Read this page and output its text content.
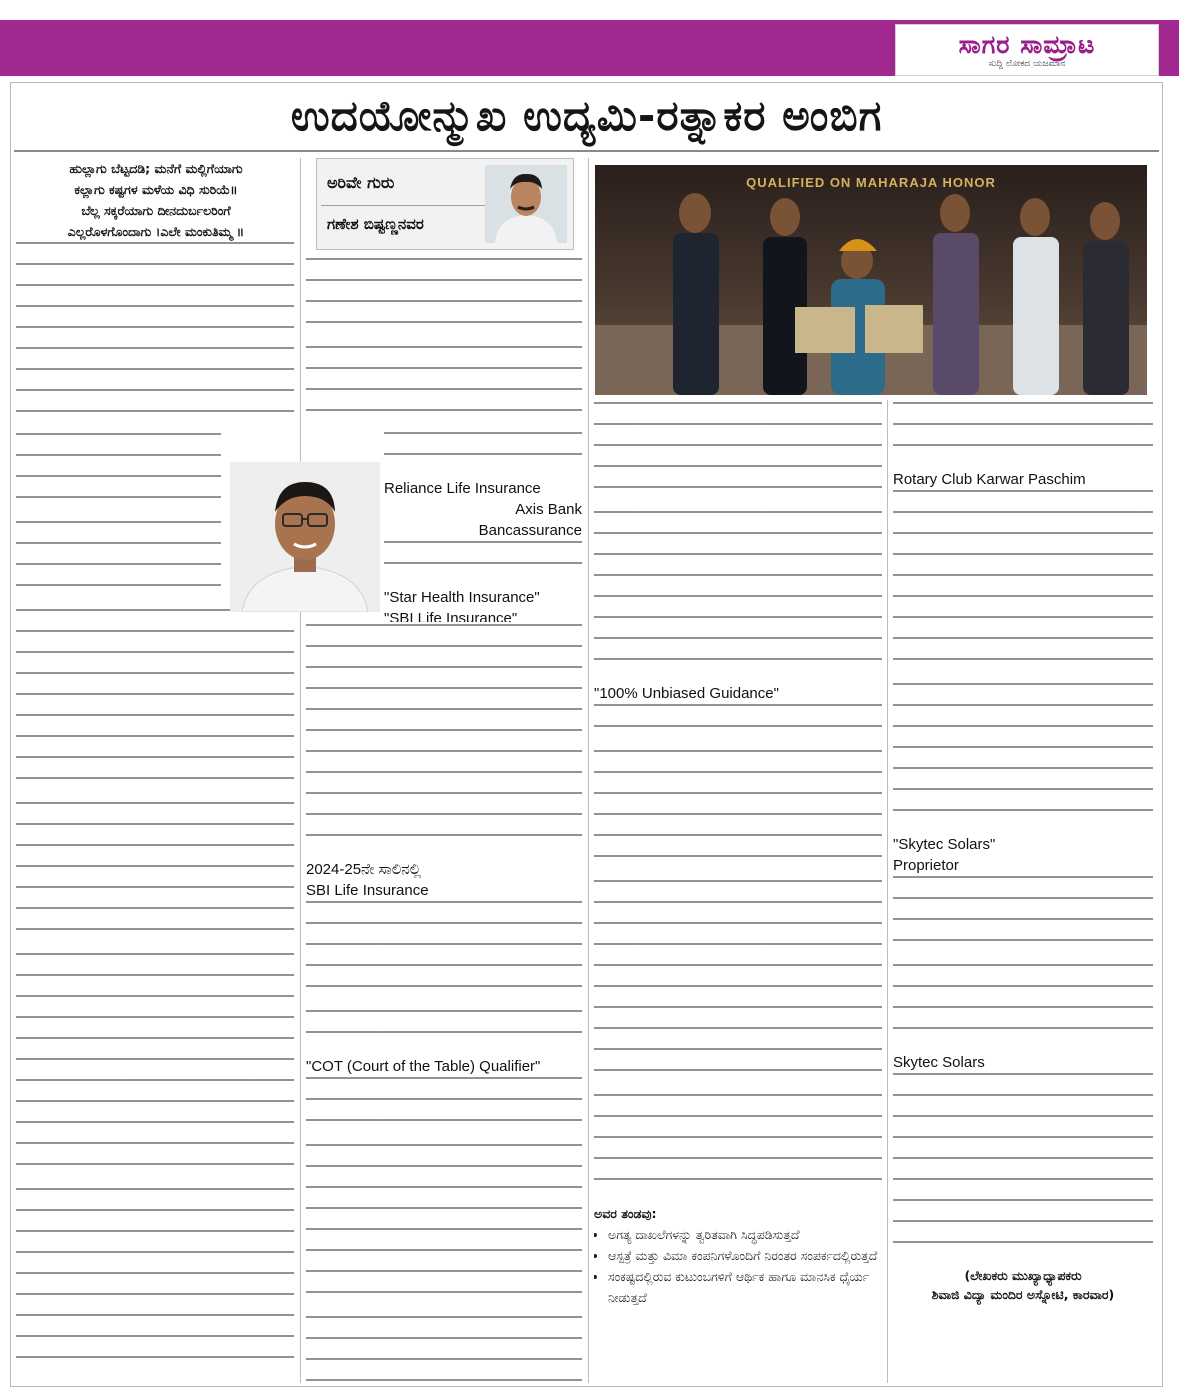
ಸಾಗರ ಸಾಮ್ರಾಟ
ಸುದ್ದಿ ಲೋಕದ ಯಜಮಾನ
ಉದಯೋನ್ಮುಖ ಉದ್ಯಮಿ-ರತ್ನಾಕರ ಅಂಬಿಗ
ಹುಲ್ಲಾಗು ಬೆಟ್ಟದಡಿ; ಮನೆಗೆ ಮಲ್ಲಿಗೆಯಾಗು
ಕಲ್ಲಾಗು ಕಷ್ಟಗಳ ಮಳೆಯ ವಿಧಿ ಸುರಿಯೆ॥
ಬೆಲ್ಲ ಸಕ್ಕರೆಯಾಗು ದೀನದುರ್ಬಲರಿಂಗೆ
ಎಲ್ಲರೊಳಗೊಂದಾಗು ।ಎಲೇ ಮಂಕುತಿಮ್ಮ ॥
ಅರಿವೇ ಗುರು
ಗಣೇಶ ಬಿಷ್ಟಣ್ಣನವರ
Reliance Life Insurance
Axis Bank
Bancassurance
"Star Health Insurance"
"SBI Life Insurance"
2024-25ನೇ ಸಾಲಿನಲ್ಲಿ
SBI Life Insurance
"COT (Court of the Table) Qualifier"
QUALIFIED ON MAHARAJA HONOR
"100% Unbiased Guidance"
ಅವರ ತಂಡವು:
• ಅಗತ್ಯ ದಾಖಲೆಗಳನ್ನು ತ್ವರಿತವಾಗಿ ಸಿದ್ಧಪಡಿಸುತ್ತದೆ
• ಆಸ್ಪತ್ರೆ ಮತ್ತು ವಿಮಾ ಕಂಪನಿಗಳೊಂದಿಗೆ ನಿರಂತರ ಸಂಪರ್ಕದಲ್ಲಿರುತ್ತದೆ
• ಸಂಕಷ್ಟದಲ್ಲಿರುವ ಕುಟುಂಬಗಳಿಗೆ ಆರ್ಥಿಕ ಹಾಗೂ ಮಾನಸಿಕ ಧೈರ್ಯ ನೀಡುತ್ತದೆ
Rotary Club Karwar Paschim
"Skytec Solars"
Proprietor
Skytec Solars
(ಲೇಖಕರು ಮುಖ್ಯಾಧ್ಯಾಪಕರು
ಶಿವಾಜಿ ವಿದ್ಯಾ ಮಂದಿರ ಅಸ್ನೋಟಿ, ಕಾರವಾರ)
